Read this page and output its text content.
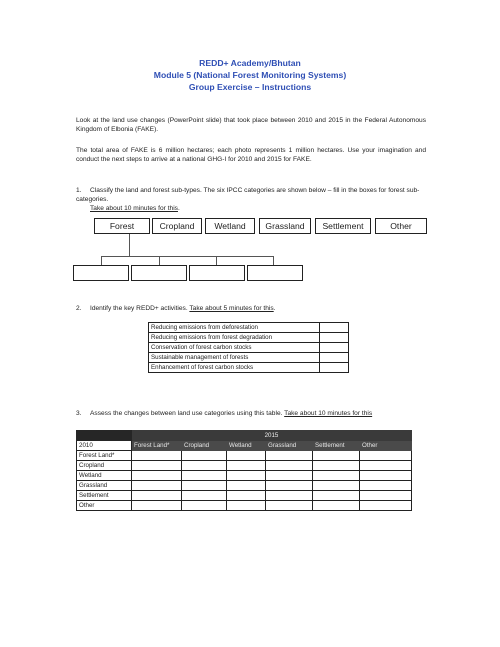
REDD+ Academy/Bhutan
Module 5 (National Forest Monitoring Systems)
Group Exercise – Instructions
Look at the land use changes (PowerPoint slide) that took place between 2010 and 2015 in the Federal Autonomous Kingdom of Elbonia (FAKE).
The total area of FAKE is 6 million hectares; each photo represents 1 million hectares. Use your imagination and conduct the next steps to arrive at a national GHG-I for 2010 and 2015 for FAKE.
1. Classify the land and forest sub-types. The six IPCC categories are shown below – fill in the boxes for forest sub-categories.
Take about 10 minutes for this.
Forest	Cropland	Wetland	Grassland	Settlement	Other
2. Identify the key REDD+ activities. Take about 5 minutes for this.
Reducing emissions from deforestation	
Reducing emissions from forest degradation	
Conservation of forest carbon stocks	
Sustainable management of forests	
Enhancement of forest carbon stocks	
3. Assess the changes between land use categories using this table. Take about 10 minutes for this
	2015					
2010	Forest Land*	Cropland	Wetland	Grassland	Settlement	Other
Forest Land*						
Cropland						
Wetland						
Grassland						
Settlement						
Other						
